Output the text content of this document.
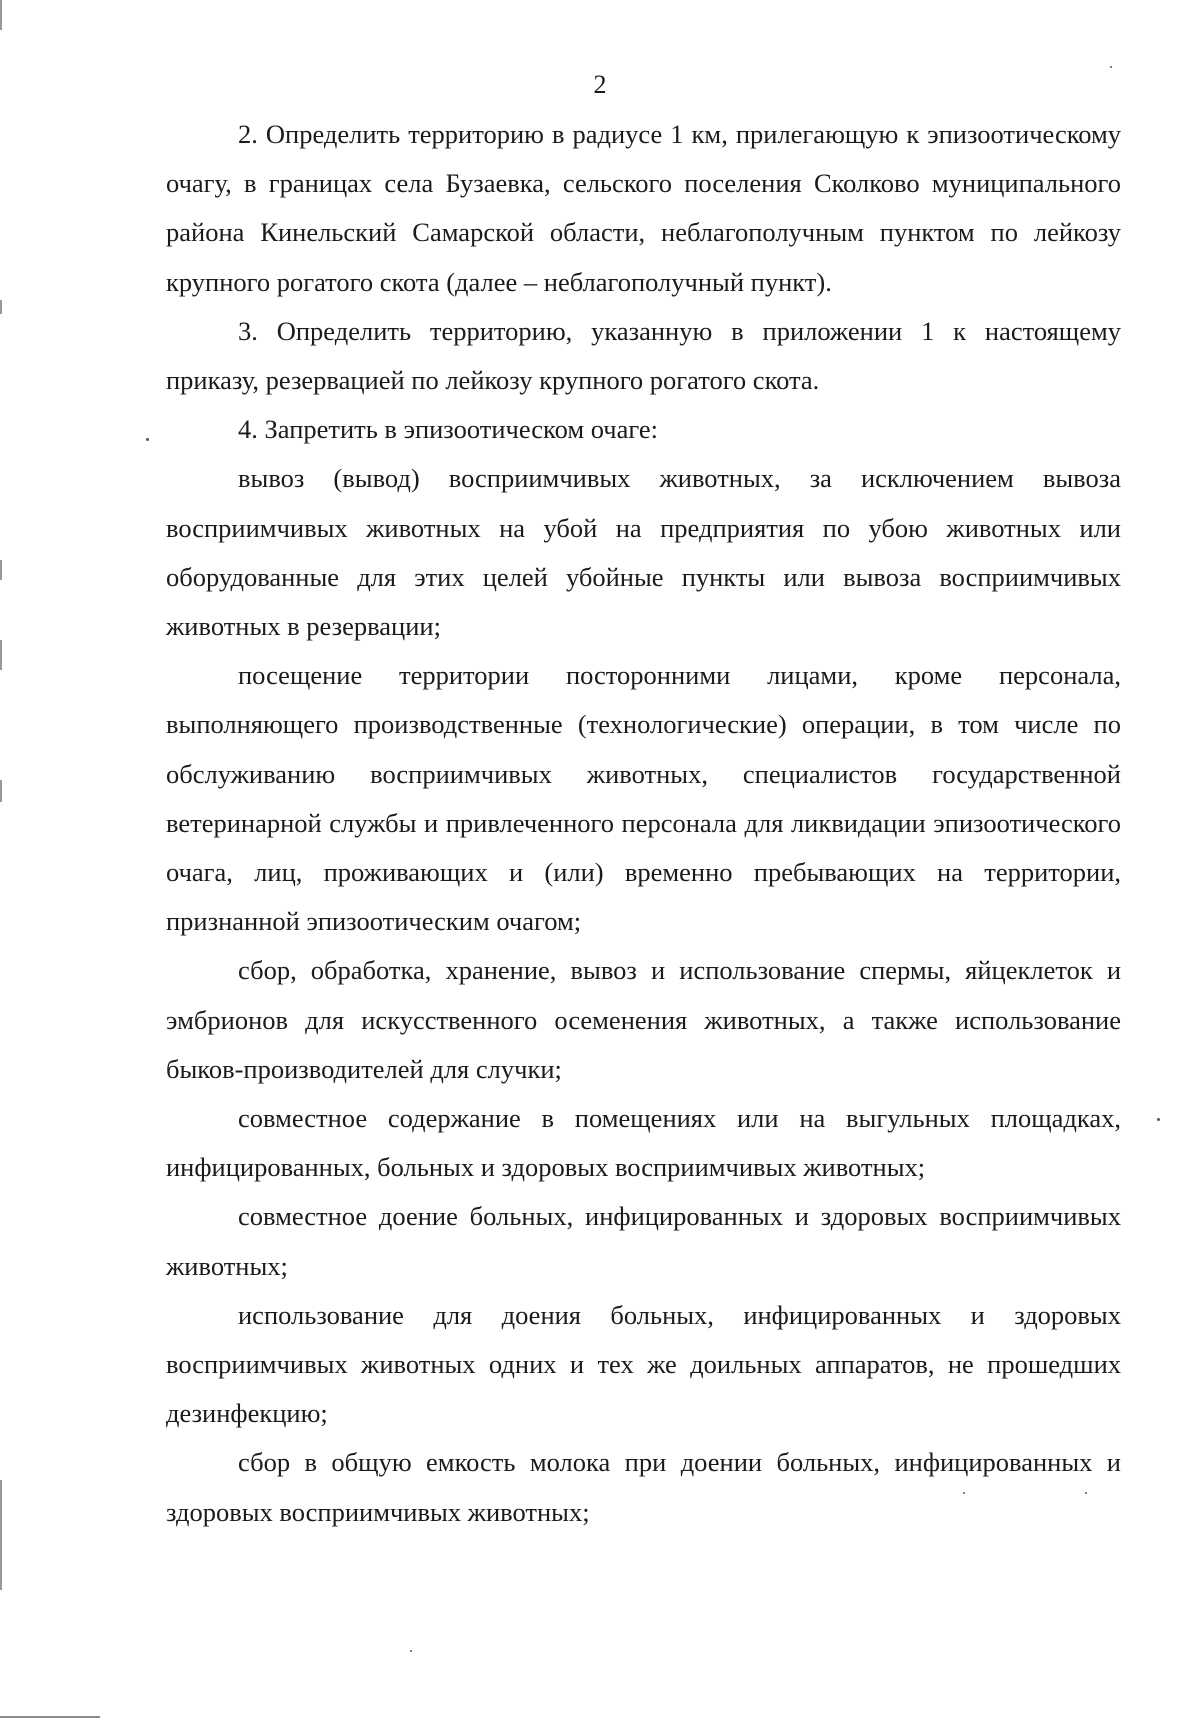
2

2. Определить территорию в радиусе 1 км, прилегающую к эпизоотическому очагу, в границах села Бузаевка, сельского поселения Сколково муниципального района Кинельский Самарской области, неблагополучным пунктом по лейкозу крупного рогатого скота (далее – неблагополучный пункт).

3. Определить территорию, указанную в приложении 1 к настоящему приказу, резервацией по лейкозу крупного рогатого скота.

4. Запретить в эпизоотическом очаге:

вывоз (вывод) восприимчивых животных, за исключением вывоза восприимчивых животных на убой на предприятия по убою животных или оборудованные для этих целей убойные пункты или вывоза восприимчивых животных в резервации;

посещение территории посторонними лицами, кроме персонала, выполняющего производственные (технологические) операции, в том числе по обслуживанию восприимчивых животных, специалистов государственной ветеринарной службы и привлеченного персонала для ликвидации эпизоотического очага, лиц, проживающих и (или) временно пребывающих на территории, признанной эпизоотическим очагом;

сбор, обработка, хранение, вывоз и использование спермы, яйцеклеток и эмбрионов для искусственного осеменения животных, а также использование быков-производителей для случки;

совместное содержание в помещениях или на выгульных площадках, инфицированных, больных и здоровых восприимчивых животных;

совместное доение больных, инфицированных и здоровых восприимчивых животных;

использование для доения больных, инфицированных и здоровых восприимчивых животных одних и тех же доильных аппаратов, не прошедших дезинфекцию;

сбор в общую емкость молока при доении больных, инфицированных и здоровых восприимчивых животных;
